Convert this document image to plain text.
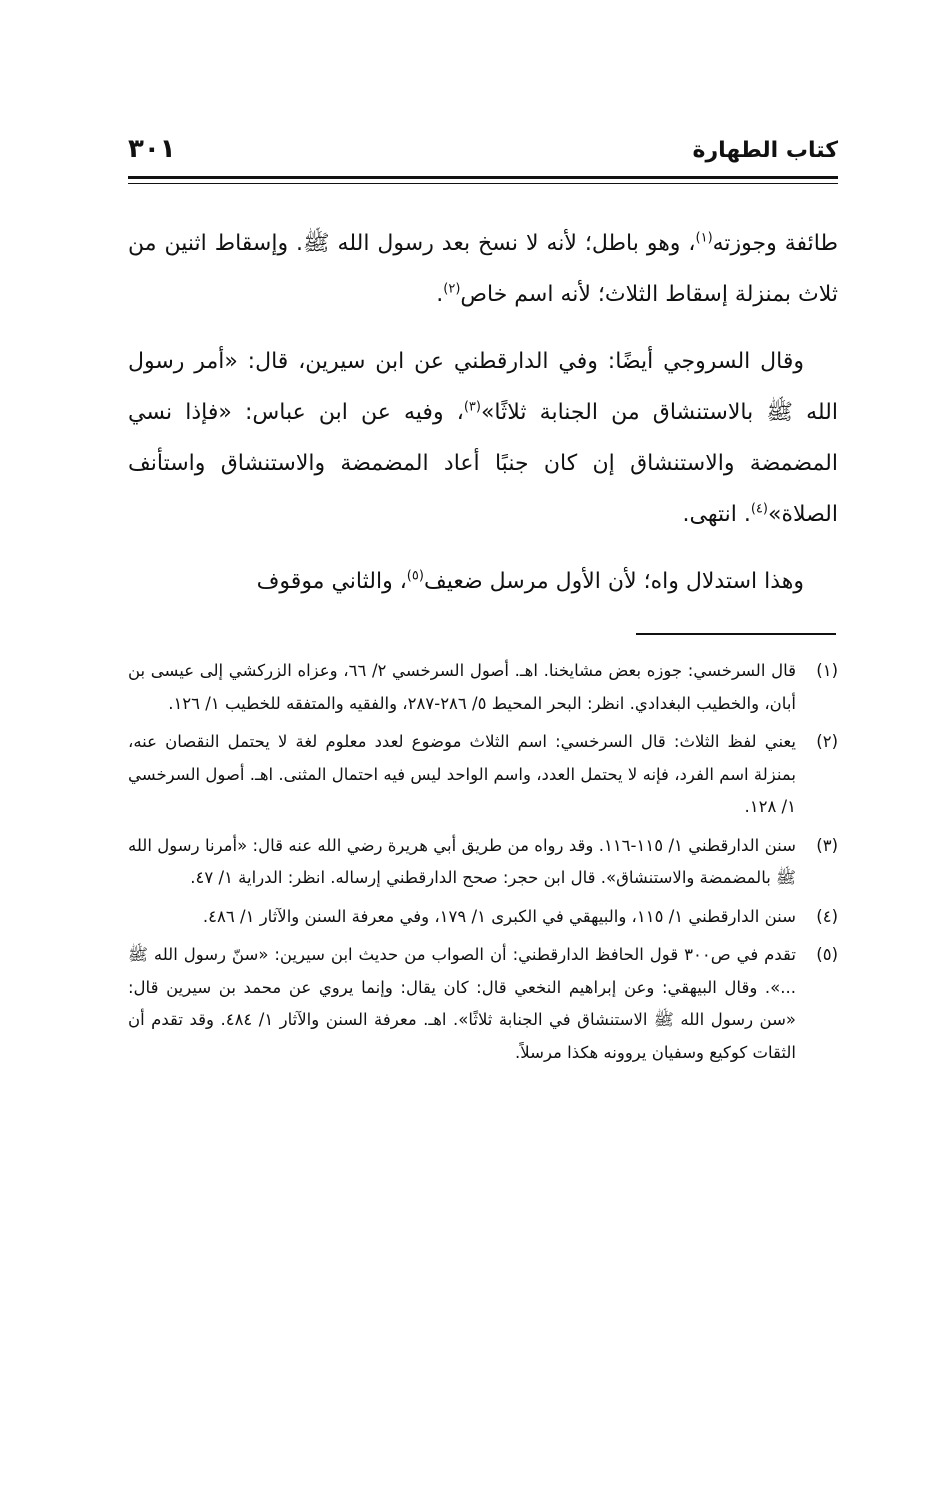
كتاب الطهارة
٣٠١

طائفة وجوزته$^{(١)}$، وهو باطل؛ لأنه لا نسخ بعد رسول الله ﷺ. وإسقاط اثنين من ثلاث بمنزلة إسقاط الثلاث؛ لأنه اسم خاص$^{(٢)}$.

وقال السروجي أيضًا: وفي الدارقطني عن ابن سيرين، قال: «أمر رسول الله ﷺ بالاستنشاق من الجنابة ثلاثًا»$^{(٣)}$، وفيه عن ابن عباس: «فإذا نسي المضمضة والاستنشاق إن كان جنبًا أعاد المضمضة والاستنشاق واستأنف الصلاة»$^{(٤)}$. انتهى.

وهذا استدلال واه؛ لأن الأول مرسل ضعيف$^{(٥)}$، والثاني موقوف

(١)
قال السرخسي: جوزه بعض مشايخنا. اهـ. أصول السرخسي ٢/ ٦٦، وعزاه الزركشي إلى عيسى بن أبان، والخطيب البغدادي. انظر: البحر المحيط ٥/ ٢٨٦-٢٨٧، والفقيه والمتفقه للخطيب ١/ ١٢٦.
(٢)
يعني لفظ الثلاث: قال السرخسي: اسم الثلاث موضوع لعدد معلوم لغة لا يحتمل النقصان عنه، بمنزلة اسم الفرد، فإنه لا يحتمل العدد، واسم الواحد ليس فيه احتمال المثنى. اهـ. أصول السرخسي ١/ ١٢٨.
(٣)
سنن الدارقطني ١/ ١١٥-١١٦. وقد رواه من طريق أبي هريرة رضي الله عنه قال: «أمرنا رسول الله ﷺ بالمضمضة والاستنشاق». قال ابن حجر: صحح الدارقطني إرساله. انظر: الدراية ١/ ٤٧.
(٤)
سنن الدارقطني ١/ ١١٥، والبيهقي في الكبرى ١/ ١٧٩، وفي معرفة السنن والآثار ١/ ٤٨٦.
(٥)
تقدم في ص٣٠٠ قول الحافظ الدارقطني: أن الصواب من حديث ابن سيرين: «سنّ رسول الله ﷺ ...». وقال البيهقي: وعن إبراهيم النخعي قال: كان يقال: وإنما يروي عن محمد بن سيرين قال: «سن رسول الله ﷺ الاستنشاق في الجنابة ثلاثًا». اهـ. معرفة السنن والآثار ١/ ٤٨٤. وقد تقدم أن الثقات كوكيع وسفيان يروونه هكذا مرسلاً.
